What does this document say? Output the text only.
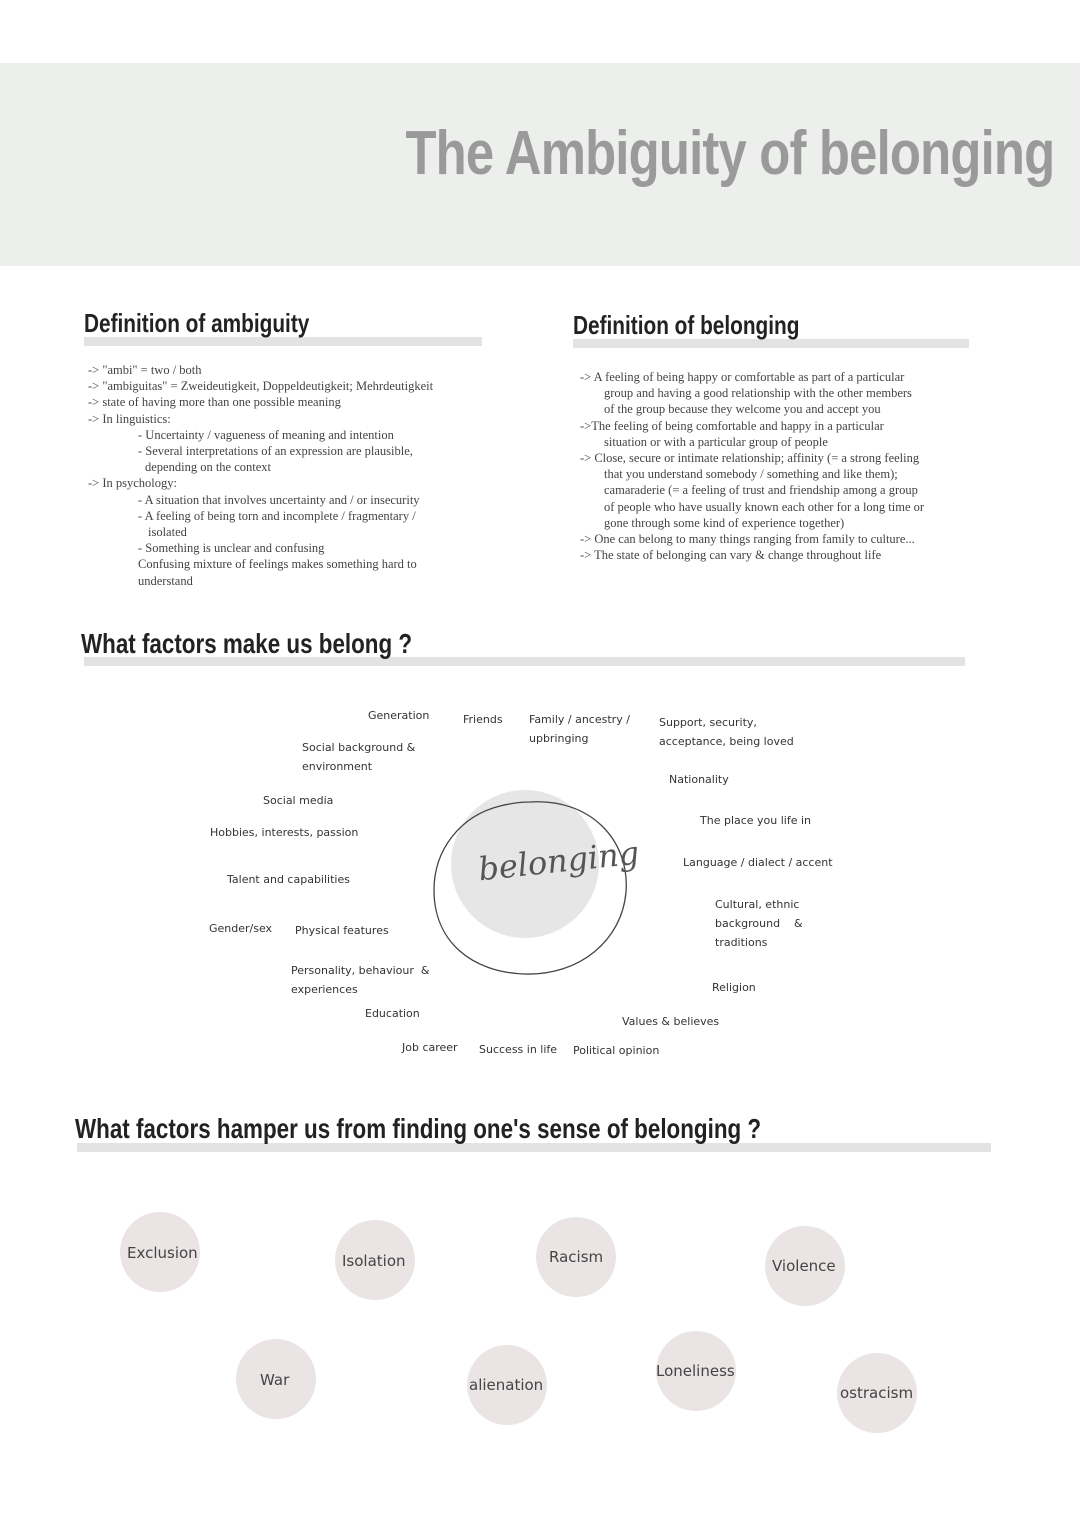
The Ambiguity of belonging
Definition of ambiguity
-> "ambi" = two / both
-> "ambiguitas" = Zweideutigkeit, Doppeldeutigkeit; Mehrdeutigkeit
-> state of having more than one possible meaning
-> In linguistics:
- Uncertainty / vagueness of meaning and intention
- Several interpretations of an expression are plausible,
depending on the context
-> In psychology:
- A situation that involves uncertainty and / or insecurity
- A feeling of being torn and incomplete / fragmentary /
isolated
- Something is unclear and confusing
Confusing mixture of feelings makes something hard to
understand
Definition of belonging
-> A feeling of being happy or comfortable as part of a particular
group and having a good relationship with the other members
of the group because they welcome you and accept you
->The feeling of being comfortable and happy in a particular
situation or with a particular group of people
-> Close, secure or intimate relationship; affinity (= a strong feeling
that you understand somebody / something and like them);
camaraderie (= a feeling of trust and friendship among a group
of people who have usually known each other for a long time or
gone through some kind of experience together)
-> One can belong to many things ranging from family to culture...
-> The state of belonging can vary & change throughout life
What factors make us belong ?
belonging
Generation	Friends Family / ancestry /
upbringing
Support, security,
acceptance, being loved
Social background &
environment
Nationality
Social media
The place you life in
Hobbies, interests, passion
Language / dialect / accent
Talent and capabilities
Cultural, ethnic
background    &
traditions
Gender/sex Physical features
Personality, behaviour  &
experiences	Religion
Education
Values & believes
Job career Success in life Political opinion
What factors hamper us from finding one's sense of belonging ?
Exclusion	Isolation	Racism	Violence
War	alienation
Loneliness
ostracism
